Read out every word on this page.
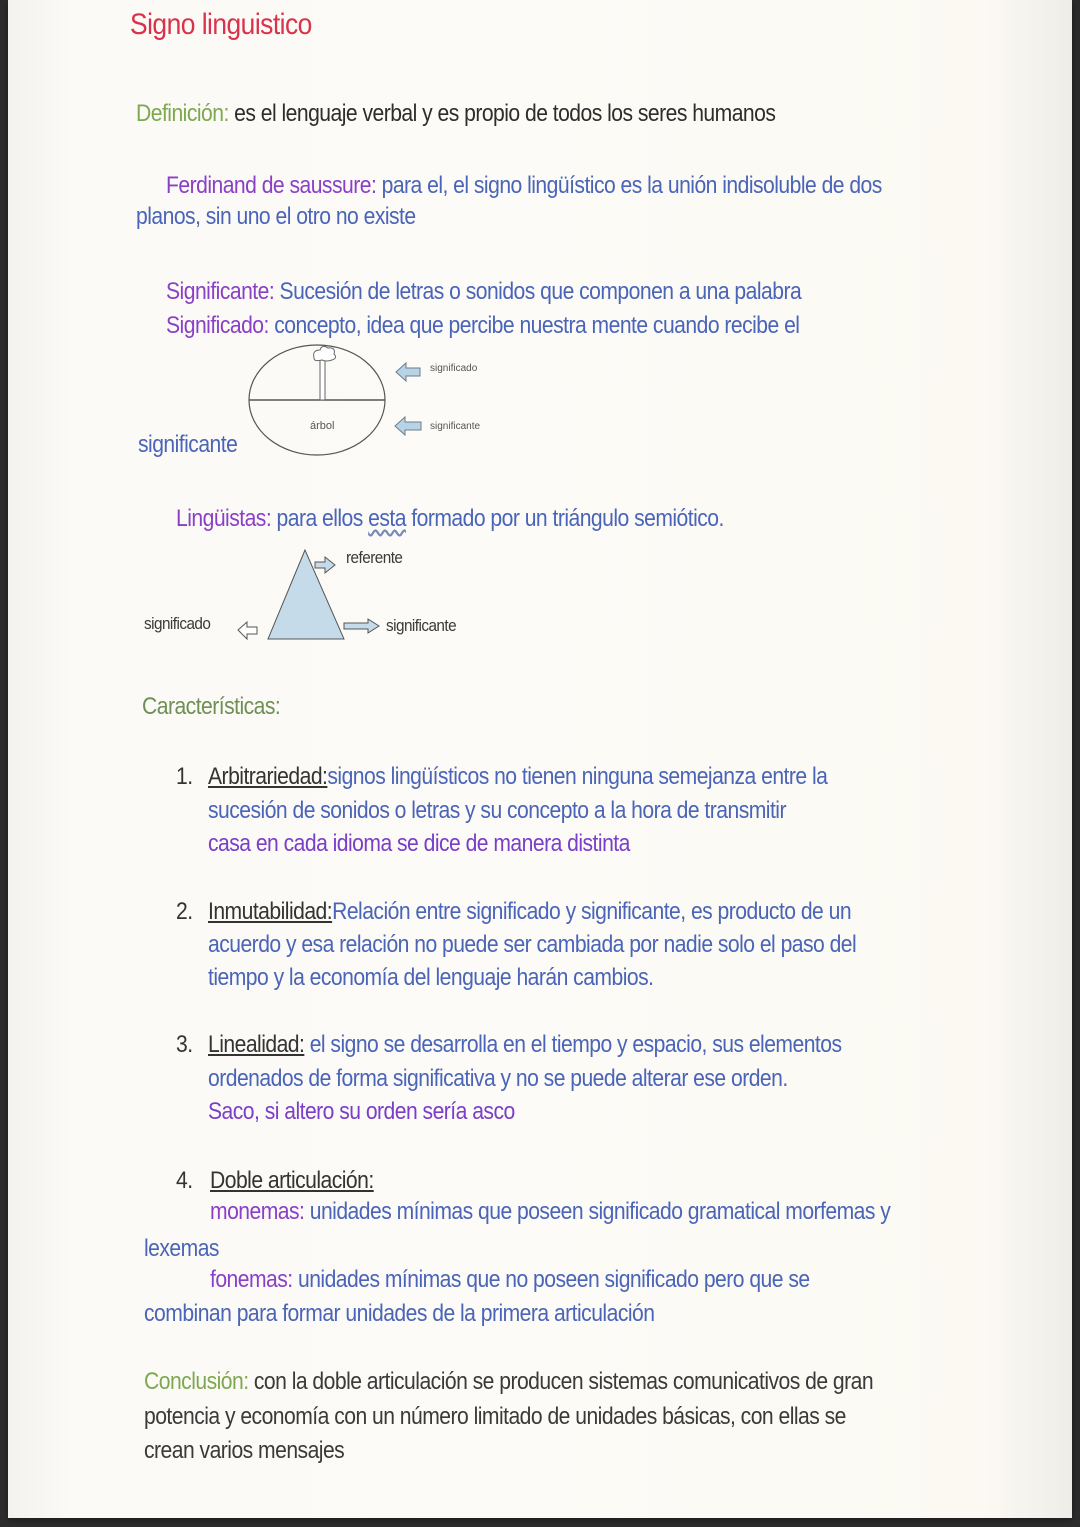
Signo linguistico
Definición: es el lenguaje verbal y es propio de todos los seres humanos
Ferdinand de saussure: para el, el signo lingüístico es la unión indisoluble de dos
planos, sin uno el otro no existe
Significante: Sucesión de letras o sonidos que componen a una palabra
Significado: concepto, idea que percibe nuestra mente cuando recibe el
significante
árbol
significado
significante
Lingüistas: para ellos esta formado por un triángulo semiótico.
referente
significado	significante
Características:
1. Arbitrariedad:signos lingüísticos no tienen ninguna semejanza entre la
sucesión de sonidos o letras y su concepto a la hora de transmitir
casa en cada idioma se dice de manera distinta
2. Inmutabilidad:Relación entre significado y significante, es producto de un
acuerdo y esa relación no puede ser cambiada por nadie solo el paso del
tiempo y la economía del lenguaje harán cambios.
3. Linealidad: el signo se desarrolla en el tiempo y espacio, sus elementos
ordenados de forma significativa y no se puede alterar ese orden.
Saco, si altero su orden sería asco
4. Doble articulación:
monemas: unidades mínimas que poseen significado gramatical morfemas y
lexemas
fonemas: unidades mínimas que no poseen significado pero que se
combinan para formar unidades de la primera articulación
Conclusión: con la doble articulación se producen sistemas comunicativos de gran
potencia y economía con un número limitado de unidades básicas, con ellas se
crean varios mensajes
